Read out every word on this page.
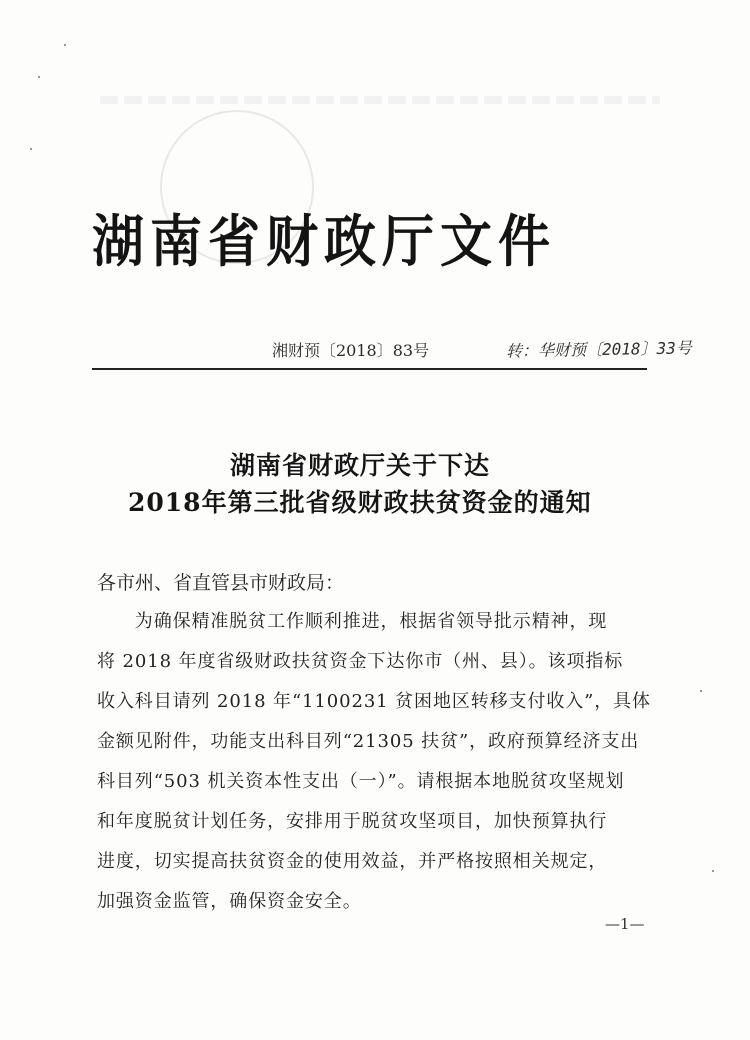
湖南省财政厅文件
湘财预〔2018〕83号	转：华财预〔2018〕33号
湖南省财政厅关于下达
2018年第三批省级财政扶贫资金的通知
各市州、省直管县市财政局：
　　为确保精准脱贫工作顺利推进，根据省领导批示精神，现
将 2018 年度省级财政扶贫资金下达你市（州、县）。该项指标
收入科目请列 2018 年“1100231 贫困地区转移支付收入”，具体
金额见附件，功能支出科目列“21305 扶贫”，政府预算经济支出
科目列“503 机关资本性支出（一）”。请根据本地脱贫攻坚规划
和年度脱贫计划任务，安排用于脱贫攻坚项目，加快预算执行
进度，切实提高扶贫资金的使用效益，并严格按照相关规定，
加强资金监管，确保资金安全。
—1—
